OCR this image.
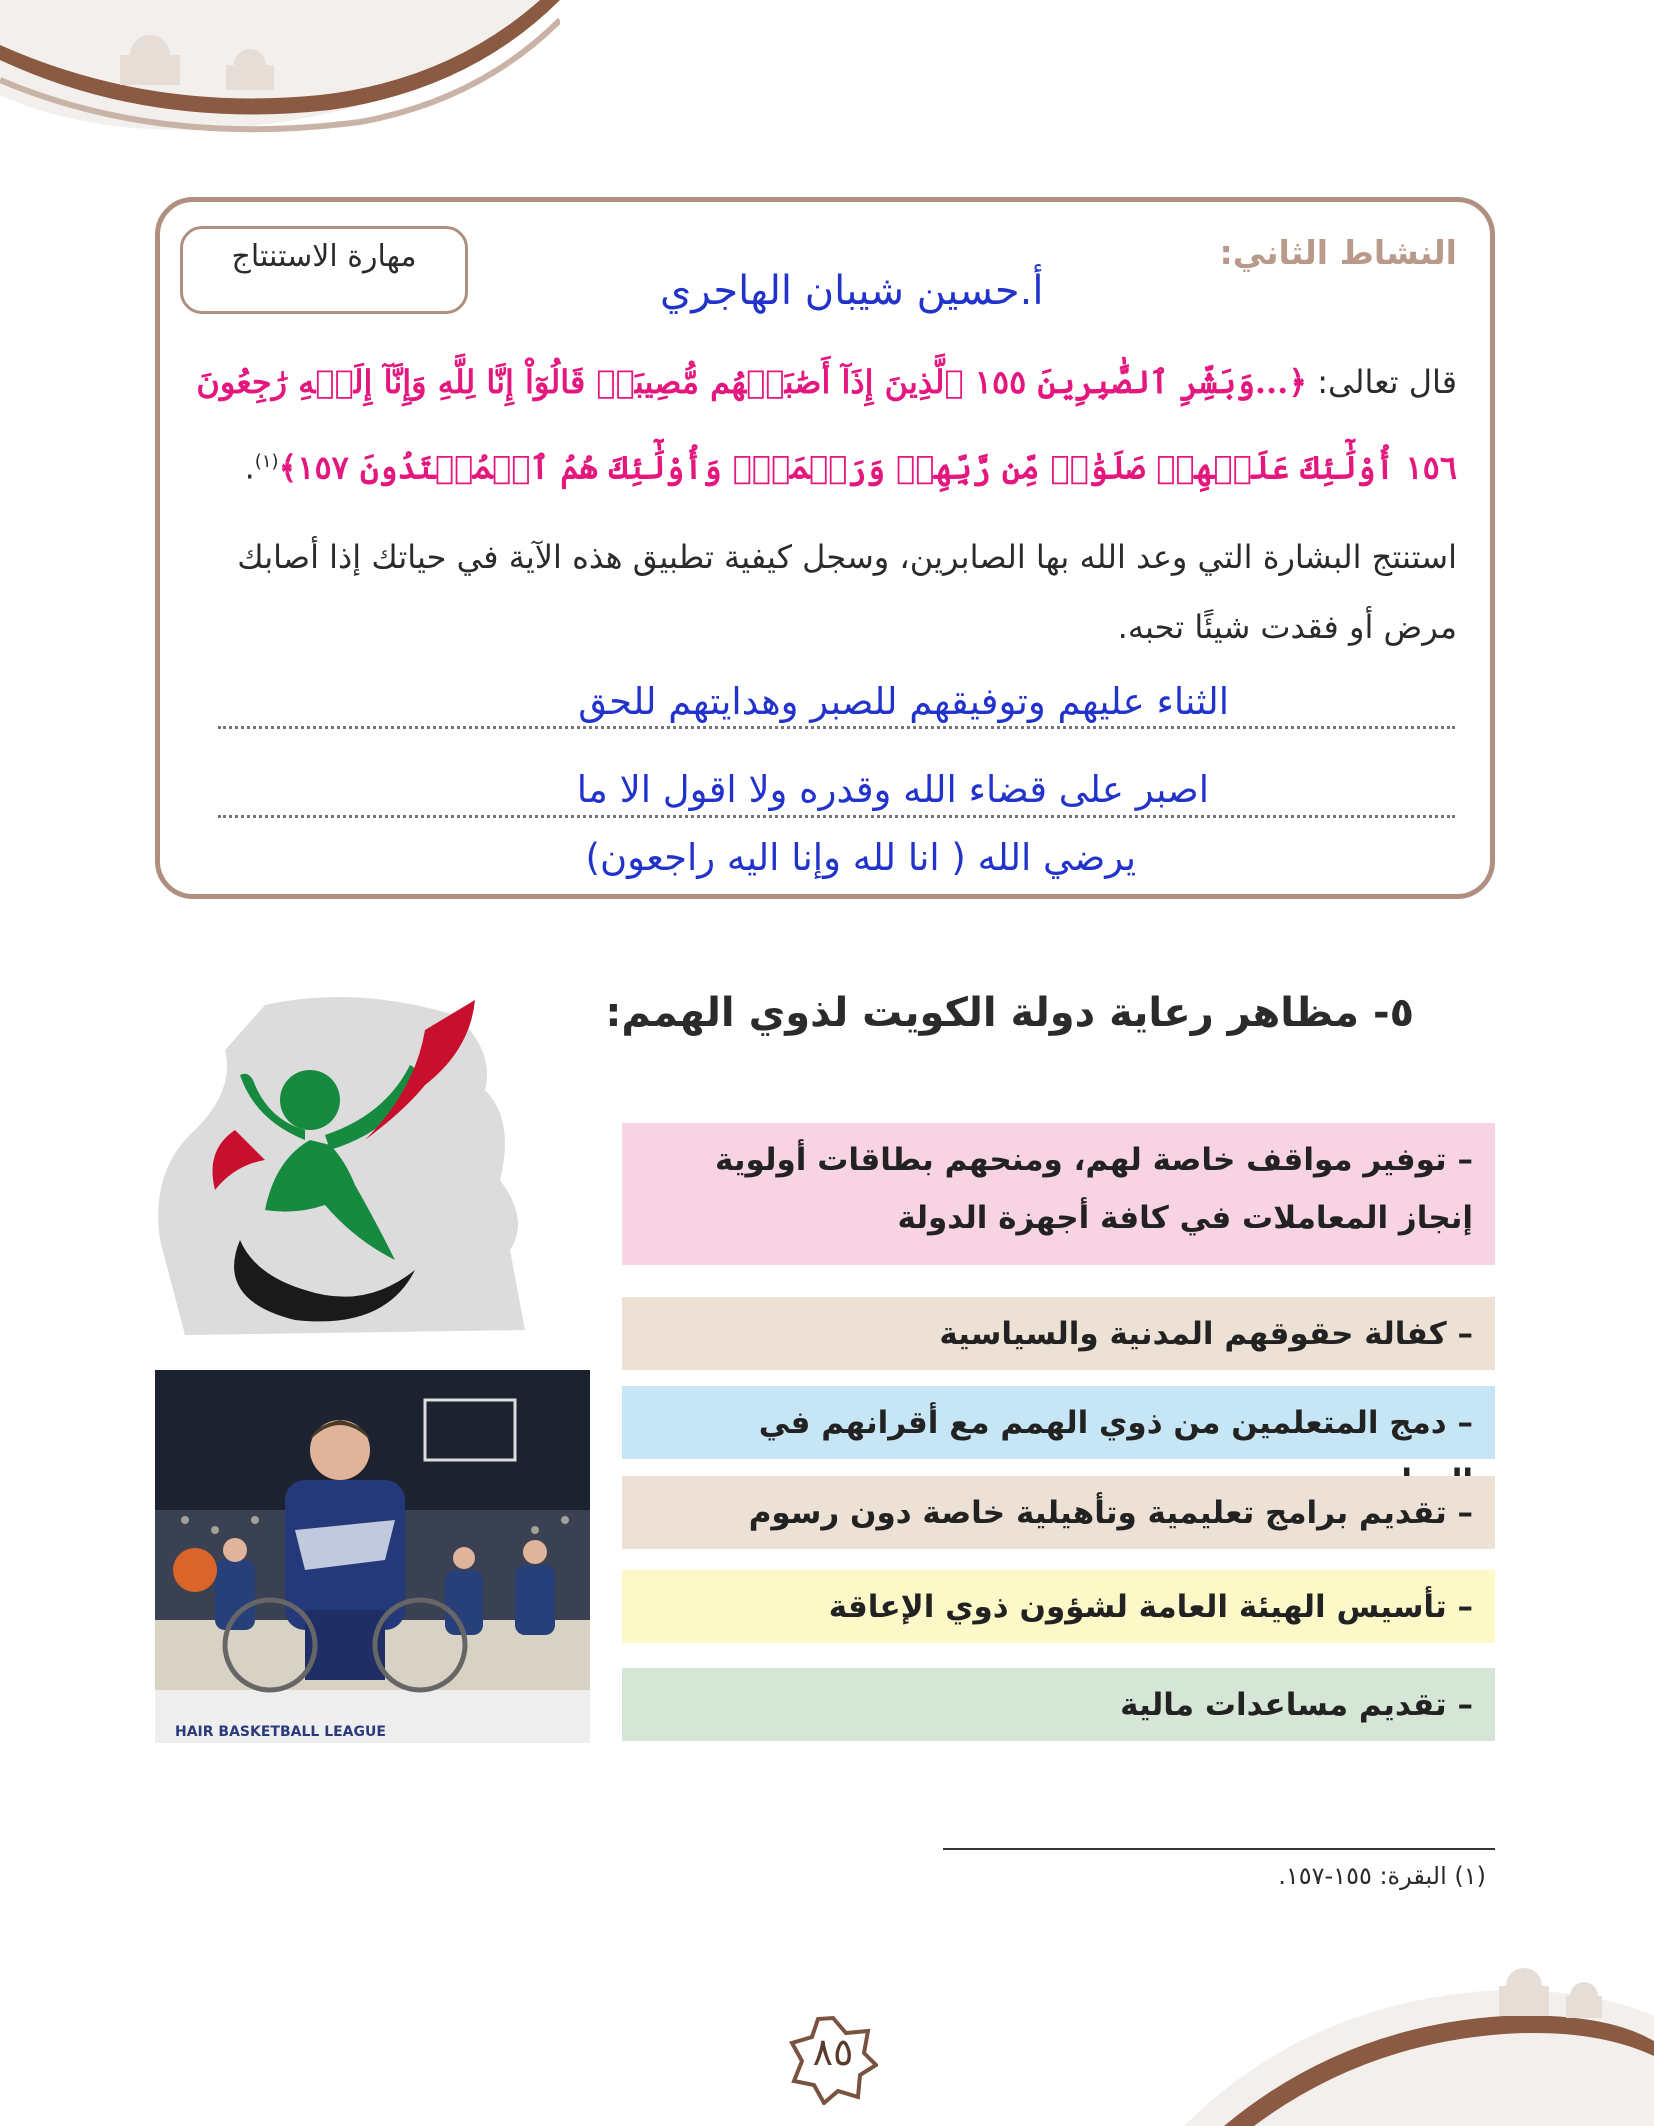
النشاط الثاني:
مهارة الاستنتاج
أ.حسين شيبان الهاجري
قال تعالى: ﴿...وَبَشِّرِ ٱلصَّٰبِرِينَ ١٥٥ ٱلَّذِينَ إِذَآ أَصَٰبَتۡهُم مُّصِيبَةٞ قَالُوٓاْ إِنَّا لِلَّهِ وَإِنَّآ إِلَيۡهِ رَٰجِعُونَ
١٥٦ أُوْلَٰٓئِكَ عَلَيۡهِمۡ صَلَوَٰتٞ مِّن رَّبِّهِمۡ وَرَحۡمَةٞۖ وَأُوْلَٰٓئِكَ هُمُ ٱلۡمُهۡتَدُونَ ١٥٧﴾$^{(١)}$.
استنتج البشارة التي وعد الله بها الصابرين، وسجل كيفية تطبيق هذه الآية في حياتك إذا أصابك مرض أو فقدت شيئًا تحبه.
الثناء عليهم وتوفيقهم للصبر وهدايتهم للحق
اصبر على قضاء الله وقدره ولا اقول الا ما
يرضي الله ( انا لله وإنا اليه راجعون)
٥- مظاهر رعاية دولة الكويت لذوي الهمم:
– توفير مواقف خاصة لهم، ومنحهم بطاقات أولوية إنجاز المعاملات في كافة أجهزة الدولة
– كفالة حقوقهم المدنية والسياسية
– دمج المتعلمين من ذوي الهمم مع أقرانهم في
– تقديم برامج تعليمية وتأهيلية خاصة دون رسوم
– تأسيس الهيئة العامة لشؤون ذوي الإعاقة
– تقديم مساعدات مالية
HAIR BASKETBALL LEAGUE
(١) البقرة: ١٥٥-١٥٧.
٨٥
